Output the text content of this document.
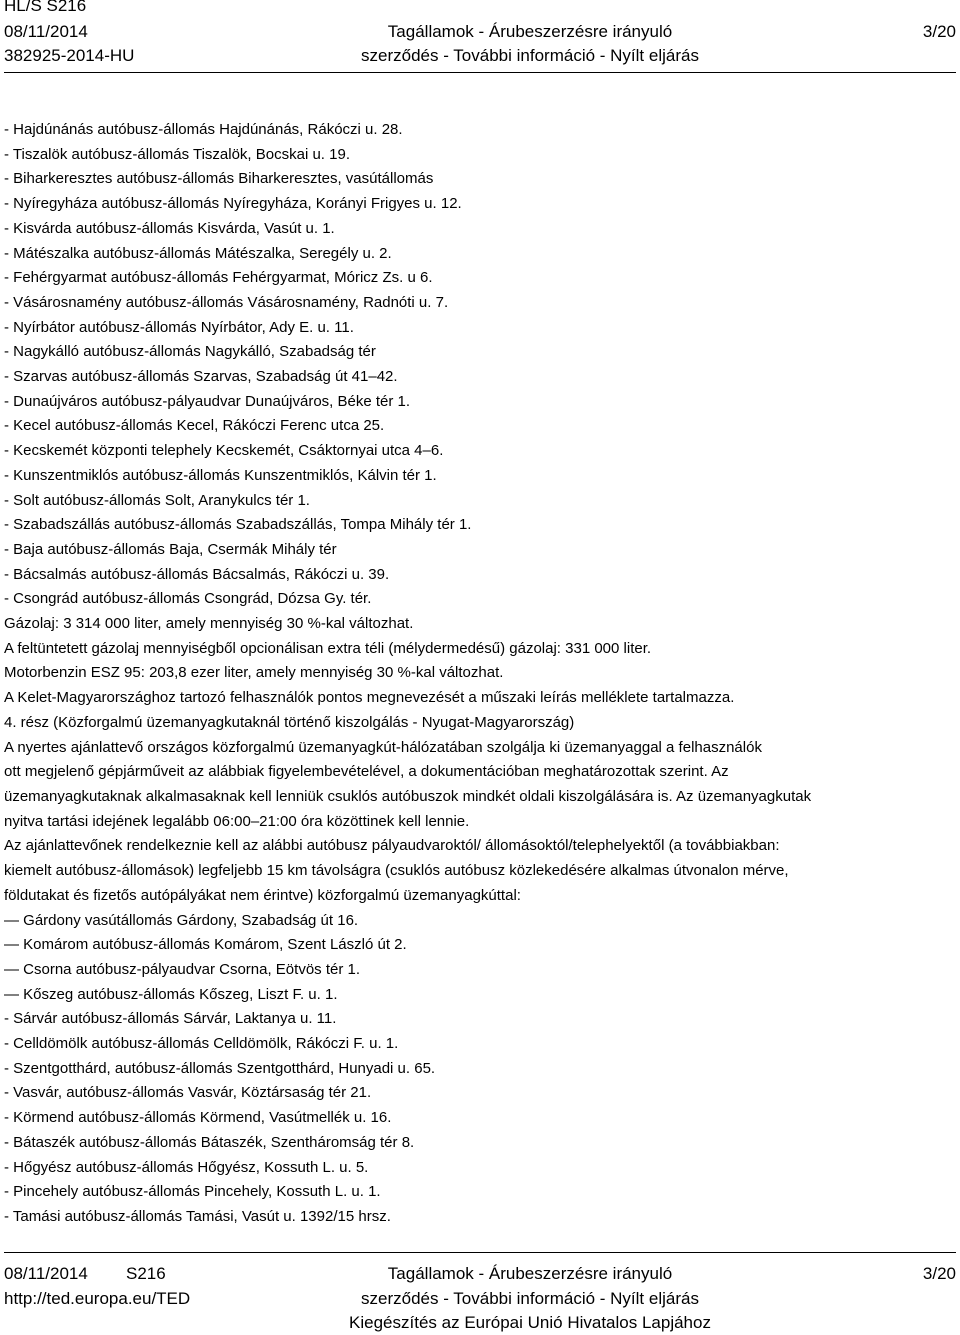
HL/S S216
08/11/2014
382925-2014-HU
Tagállamok - Árubeszerzésre irányuló
szerződés - További információ - Nyílt eljárás
3/20
- Hajdúnánás autóbusz-állomás Hajdúnánás, Rákóczi u. 28.
- Tiszalök autóbusz-állomás Tiszalök, Bocskai u. 19.
- Biharkeresztes autóbusz-állomás Biharkeresztes, vasútállomás
- Nyíregyháza autóbusz-állomás Nyíregyháza, Korányi Frigyes u. 12.
- Kisvárda autóbusz-állomás Kisvárda, Vasút u. 1.
- Mátészalka autóbusz-állomás Mátészalka, Seregély u. 2.
- Fehérgyarmat autóbusz-állomás Fehérgyarmat, Móricz Zs. u 6.
- Vásárosnamény autóbusz-állomás Vásárosnamény, Radnóti u. 7.
- Nyírbátor autóbusz-állomás Nyírbátor, Ady E. u. 11.
- Nagykálló autóbusz-állomás Nagykálló, Szabadság tér
- Szarvas autóbusz-állomás Szarvas, Szabadság út 41–42.
- Dunaújváros autóbusz-pályaudvar Dunaújváros, Béke tér 1.
- Kecel autóbusz-állomás Kecel, Rákóczi Ferenc utca 25.
- Kecskemét központi telephely Kecskemét, Csáktornyai utca 4–6.
- Kunszentmiklós autóbusz-állomás Kunszentmiklós, Kálvin tér 1.
- Solt autóbusz-állomás Solt, Aranykulcs tér 1.
- Szabadszállás autóbusz-állomás Szabadszállás, Tompa Mihály tér 1.
- Baja autóbusz-állomás Baja, Csermák Mihály tér
- Bácsalmás autóbusz-állomás Bácsalmás, Rákóczi u. 39.
- Csongrád autóbusz-állomás Csongrád, Dózsa Gy. tér.
Gázolaj: 3 314 000 liter, amely mennyiség 30 %-kal változhat.
A feltüntetett gázolaj mennyiségből opcionálisan extra téli (mélydermedésű) gázolaj: 331 000 liter.
Motorbenzin ESZ 95: 203,8 ezer liter, amely mennyiség 30 %-kal változhat.
A Kelet-Magyarországhoz tartozó felhasználók pontos megnevezését a műszaki leírás melléklete tartalmazza.
4. rész (Közforgalmú üzemanyagkutaknál történő kiszolgálás - Nyugat-Magyarország)
A nyertes ajánlattevő országos közforgalmú üzemanyagkút-hálózatában szolgálja ki üzemanyaggal a felhasználók
ott megjelenő gépjárműveit az alábbiak figyelembevételével, a dokumentációban meghatározottak szerint. Az
üzemanyagkutaknak alkalmasaknak kell lenniük csuklós autóbuszok mindkét oldali kiszolgálására is. Az üzemanyagkutak
nyitva tartási idejének legalább 06:00–21:00 óra közöttinek kell lennie.
Az ajánlattevőnek rendelkeznie kell az alábbi autóbusz pályaudvaroktól/ állomásoktól/telephelyektől (a továbbiakban:
kiemelt autóbusz-állomások) legfeljebb 15 km távolságra (csuklós autóbusz közlekedésére alkalmas útvonalon mérve,
földutakat és fizetős autópályákat nem érintve) közforgalmú üzemanyagkúttal:
— Gárdony vasútállomás Gárdony, Szabadság út 16.
— Komárom autóbusz-állomás Komárom, Szent László út 2.
— Csorna autóbusz-pályaudvar Csorna, Eötvös tér 1.
— Kőszeg autóbusz-állomás Kőszeg, Liszt F. u. 1.
- Sárvár autóbusz-állomás Sárvár, Laktanya u. 11.
- Celldömölk autóbusz-állomás Celldömölk, Rákóczi F. u. 1.
- Szentgotthárd, autóbusz-állomás Szentgotthárd, Hunyadi u. 65.
- Vasvár, autóbusz-állomás Vasvár, Köztársaság tér 21.
- Körmend autóbusz-állomás Körmend, Vasútmellék u. 16.
- Bátaszék autóbusz-állomás Bátaszék, Szentháromság tér 8.
- Hőgyész autóbusz-állomás Hőgyész, Kossuth L. u. 5.
- Pincehely autóbusz-állomás Pincehely, Kossuth L. u. 1.
- Tamási autóbusz-állomás Tamási, Vasút u. 1392/15 hrsz.
08/11/2014 S216
http://ted.europa.eu/TED
Tagállamok - Árubeszerzésre irányuló
szerződés - További információ - Nyílt eljárás
Kiegészítés az Európai Unió Hivatalos Lapjához
3/20
